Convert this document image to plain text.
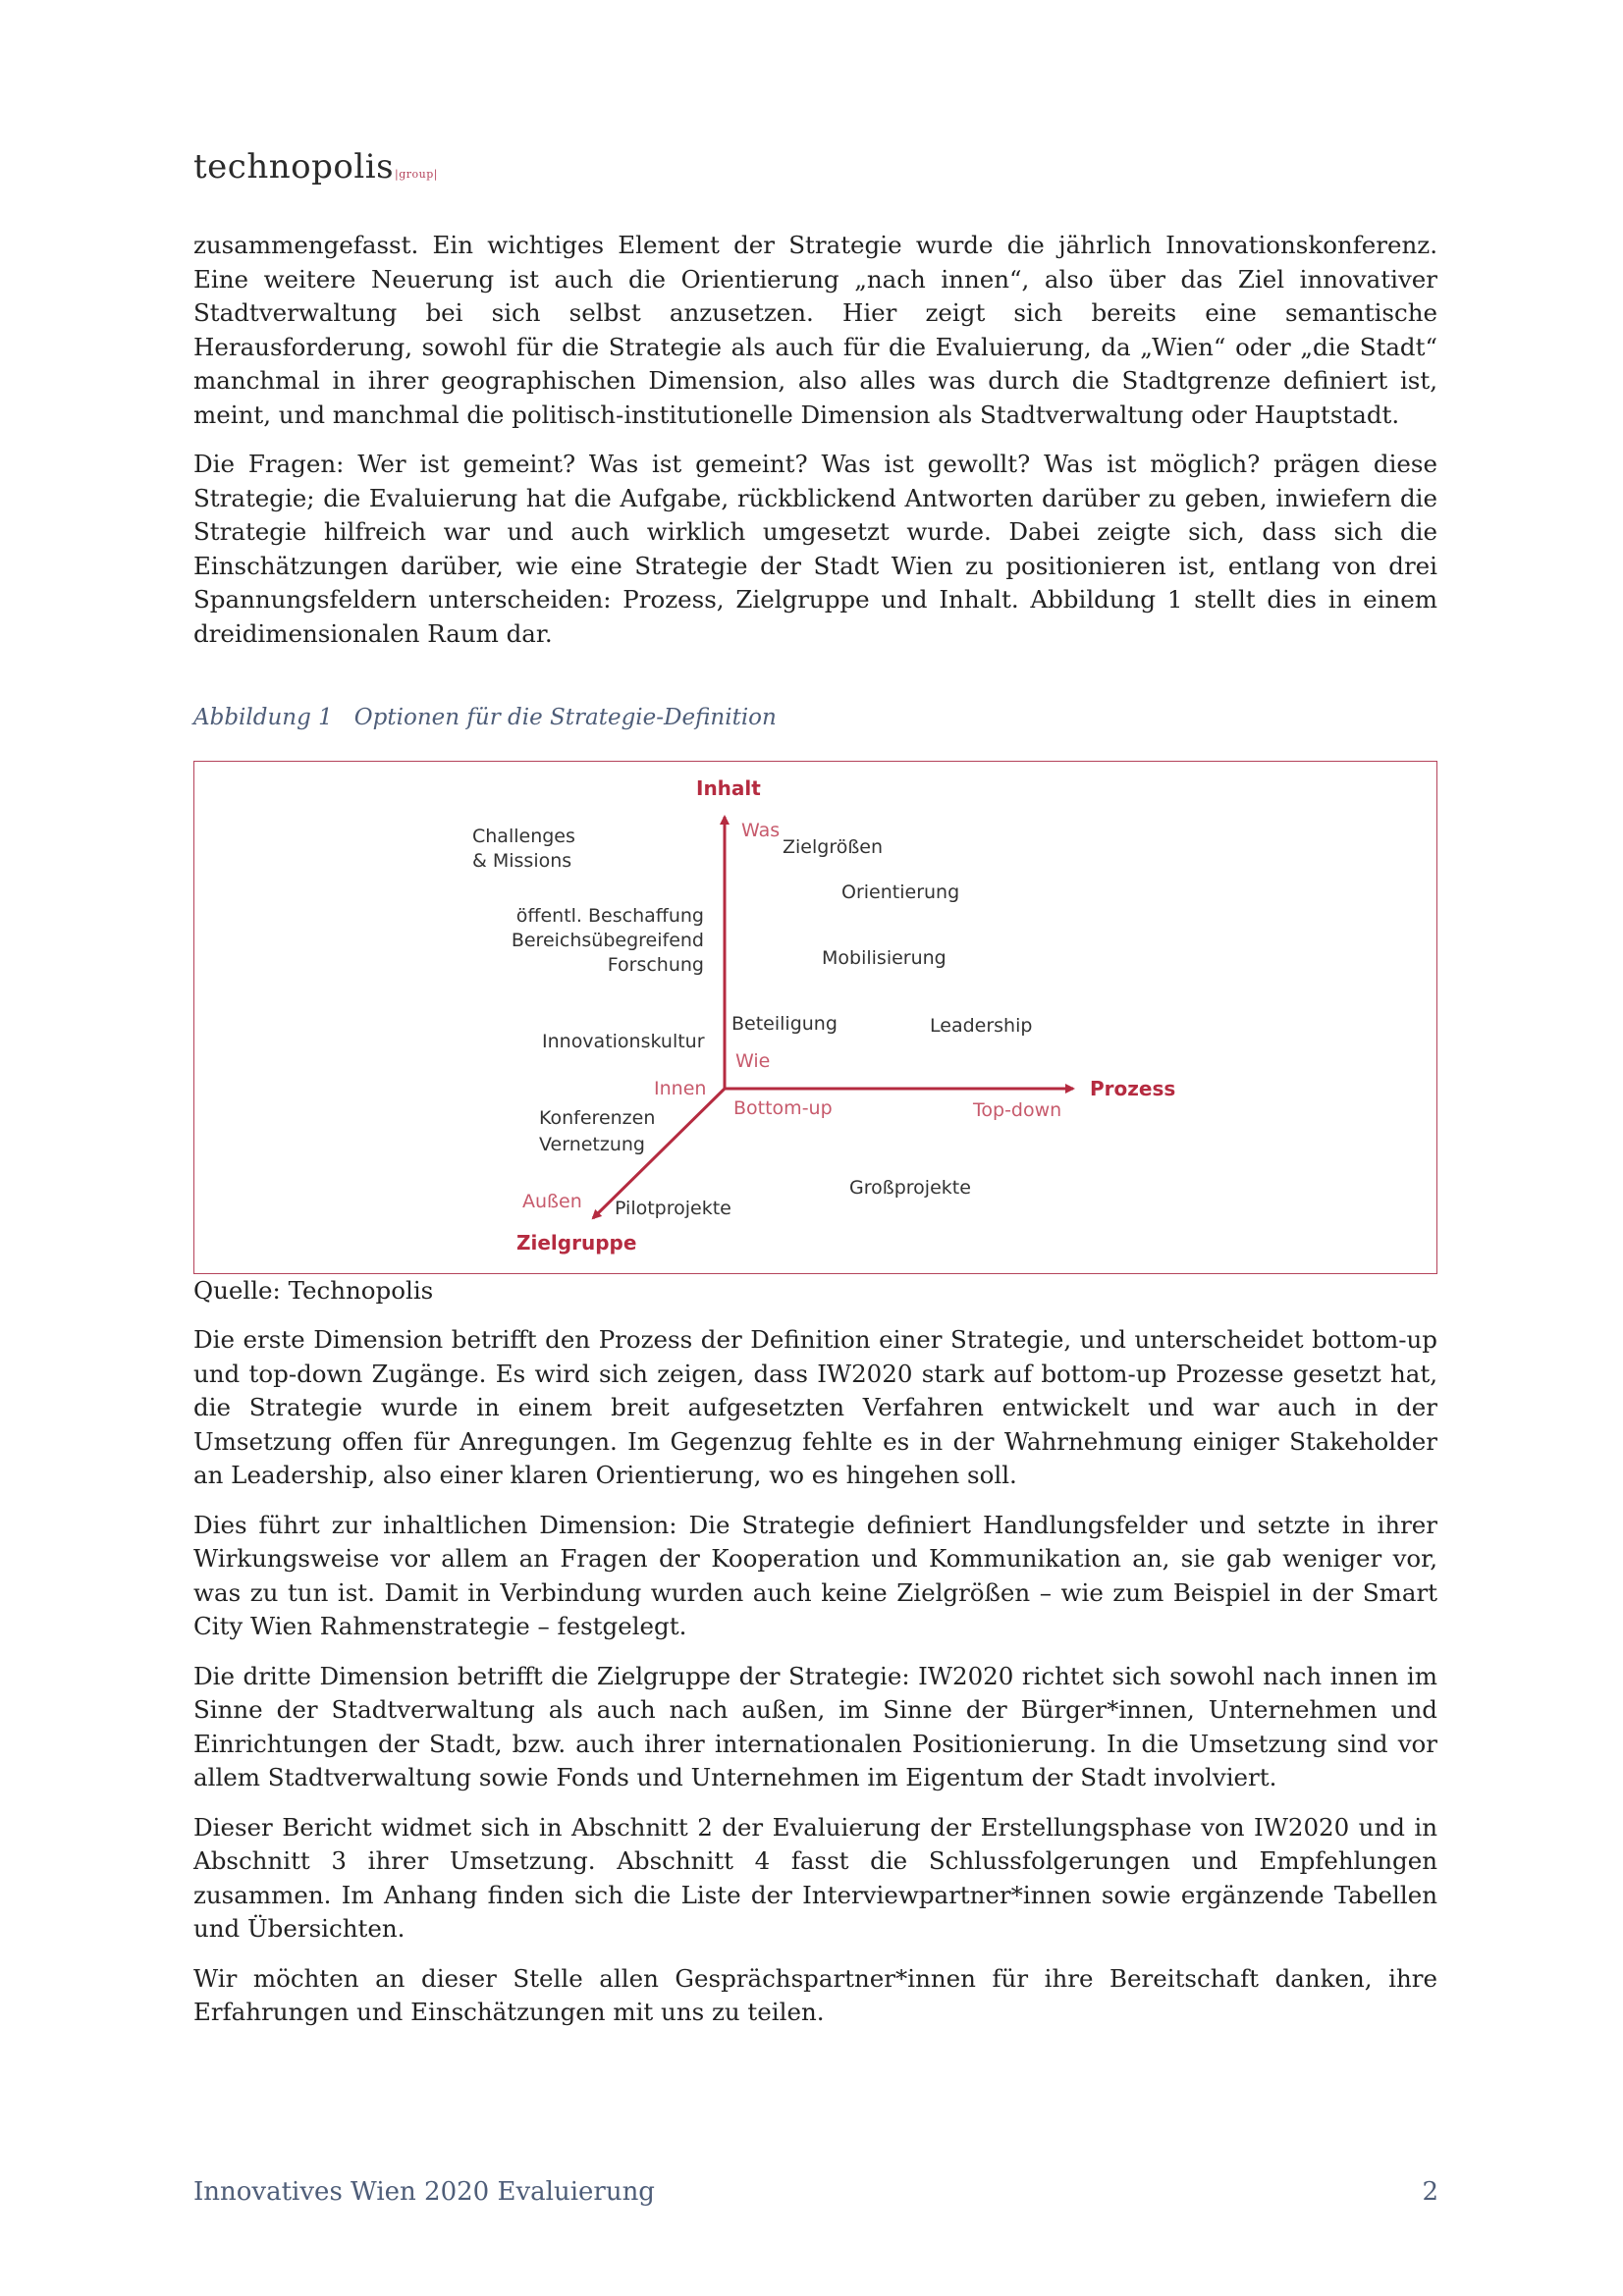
technopolis|group|

zusammengefasst. Ein wichtiges Element der Strategie wurde die jährlich Innovationskonferenz. Eine weitere Neuerung ist auch die Orientierung „nach innen“, also über das Ziel innovativer Stadtverwaltung bei sich selbst anzusetzen. Hier zeigt sich bereits eine semantische Herausforderung, sowohl für die Strategie als auch für die Evaluierung, da „Wien“ oder „die Stadt“ manchmal in ihrer geographischen Dimension, also alles was durch die Stadtgrenze definiert ist, meint, und manchmal die politisch-institutionelle Dimension als Stadtverwaltung oder Hauptstadt.

Die Fragen: Wer ist gemeint? Was ist gemeint? Was ist gewollt? Was ist möglich? prägen diese Strategie; die Evaluierung hat die Aufgabe, rückblickend Antworten darüber zu geben, inwiefern die Strategie hilfreich war und auch wirklich umgesetzt wurde. Dabei zeigte sich, dass sich die Einschätzungen darüber, wie eine Strategie der Stadt Wien zu positionieren ist, entlang von drei Spannungsfeldern unterscheiden: Prozess, Zielgruppe und Inhalt. Abbildung 1 stellt dies in einem dreidimensionalen Raum dar.

Abbildung 1 Optionen für die Strategie-Definition
Inhalt
Prozess
Zielgruppe
Was
Wie
Innen
Bottom-up	Top-down
Außen
Challenges
& Missions
Zielgrößen
Orientierung
öffentl. Beschaffung
Bereichsübegreifend
Forschung	Mobilisierung
Beteiligung	Leadership
Innovationskultur
Konferenzen
Vernetzung
Großprojekte
Pilotprojekte
Quelle: Technopolis

Die erste Dimension betrifft den Prozess der Definition einer Strategie, und unterscheidet bottom-up und top-down Zugänge. Es wird sich zeigen, dass IW2020 stark auf bottom-up Prozesse gesetzt hat, die Strategie wurde in einem breit aufgesetzten Verfahren entwickelt und war auch in der Umsetzung offen für Anregungen. Im Gegenzug fehlte es in der Wahrnehmung einiger Stakeholder an Leadership, also einer klaren Orientierung, wo es hingehen soll.

Dies führt zur inhaltlichen Dimension: Die Strategie definiert Handlungsfelder und setzte in ihrer Wirkungsweise vor allem an Fragen der Kooperation und Kommunikation an, sie gab weniger vor, was zu tun ist. Damit in Verbindung wurden auch keine Zielgrößen – wie zum Beispiel in der Smart City Wien Rahmenstrategie – festgelegt.

Die dritte Dimension betrifft die Zielgruppe der Strategie: IW2020 richtet sich sowohl nach innen im Sinne der Stadtverwaltung als auch nach außen, im Sinne der Bürger*innen, Unternehmen und Einrichtungen der Stadt, bzw. auch ihrer internationalen Positionierung. In die Umsetzung sind vor allem Stadtverwaltung sowie Fonds und Unternehmen im Eigentum der Stadt involviert.

Dieser Bericht widmet sich in Abschnitt 2 der Evaluierung der Erstellungsphase von IW2020 und in Abschnitt 3 ihrer Umsetzung. Abschnitt 4 fasst die Schlussfolgerungen und Empfehlungen zusammen. Im Anhang finden sich die Liste der Interviewpartner*innen sowie ergänzende Tabellen und Übersichten.

Wir möchten an dieser Stelle allen Gesprächspartner*innen für ihre Bereitschaft danken, ihre Erfahrungen und Einschätzungen mit uns zu teilen.

Innovatives Wien 2020 Evaluierung	2
